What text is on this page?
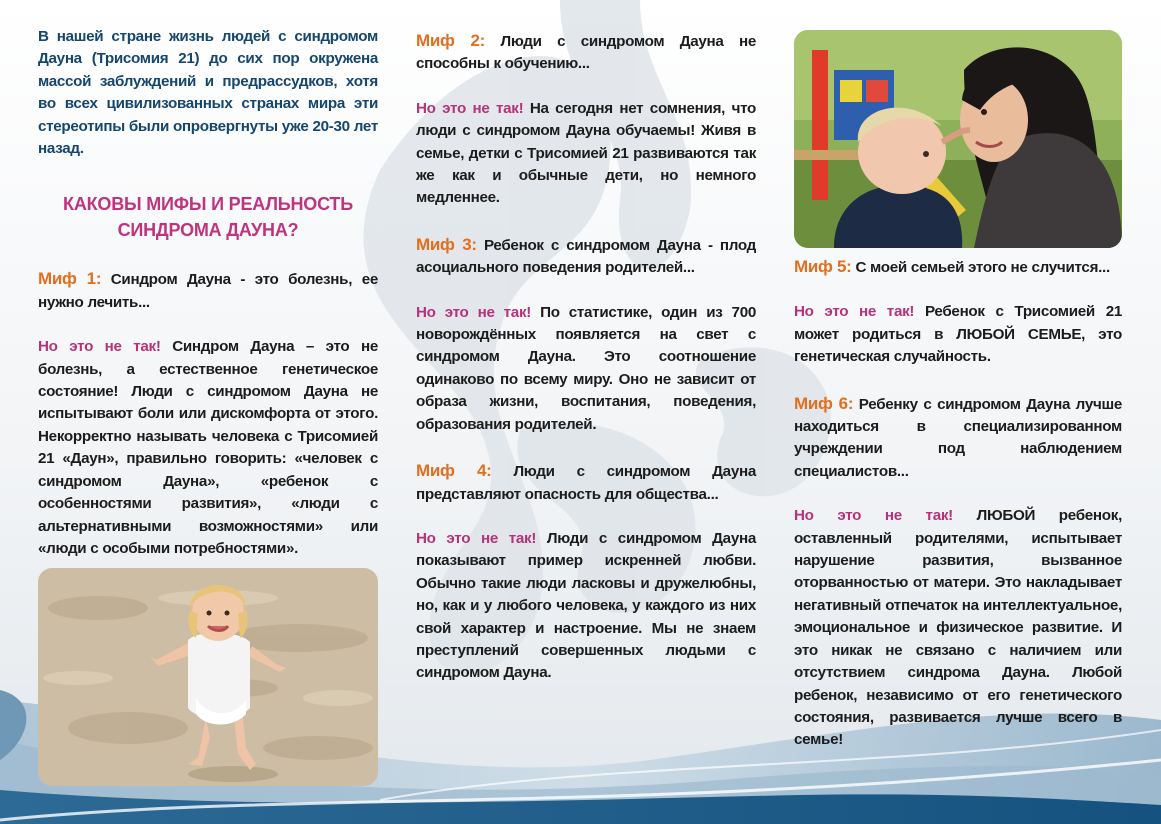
В нашей стране жизнь людей с синдромом Дауна (Трисомия 21) до сих пор окружена массой заблуждений и предрассудков, хотя во всех цивилизованных странах мира эти стереотипы были опровергнуты уже 20-30 лет назад.

КАКОВЫ МИФЫ И РЕАЛЬНОСТЬ

СИНДРОМА ДАУНА?

Миф 1: Синдром Дауна - это болезнь, ее нужно лечить...

Но это не так! Синдром Дауна – это не болезнь, а естественное генетическое состояние! Люди с синдромом Дауна не испытывают боли или дискомфорта от этого. Некорректно называть человека с Трисомией 21 «Даун», правильно говорить: «человек с синдромом Дауна», «ребенок с особенностями развития», «люди с альтернативными возможностями» или «люди с особыми потребностями».

Миф 2: Люди с синдромом Дауна не способны к обучению...

Но это не так! На сегодня нет сомнения, что люди с синдромом Дауна обучаемы! Живя в семье, детки с Трисомией 21 развиваются так же как и обычные дети, но немного медленнее.

Миф 3: Ребенок с синдромом Дауна - плод асоциального поведения родителей...

Но это не так! По статистике, один из 700 новорождённых появляется на свет с синдромом Дауна. Это соотношение одинаково по всему миру. Оно не зависит от образа жизни, воспитания, поведения, образования родителей.

Миф 4: Люди с синдромом Дауна представляют опасность для общества...

Но это не так! Люди с синдромом Дауна показывают пример искренней любви. Обычно такие люди ласковы и дружелюбны, но, как и у любого человека, у каждого из них свой характер и настроение. Мы не знаем преступлений совершенных людьми с синдромом Дауна.

Миф 5: С моей семьей этого не случится...

Но это не так! Ребенок с Трисомией 21 может родиться в ЛЮБОЙ СЕМЬЕ, это генетическая случайность.

Миф 6: Ребенку с синдромом Дауна лучше находиться в специализированном учреждении под наблюдением специалистов...

Но это не так! ЛЮБОЙ ребенок, оставленный родителями, испытывает нарушение развития, вызванное оторванностью от матери. Это накладывает негативный отпечаток на интеллектуальное, эмоциональное и физическое развитие. И это никак не связано с наличием или отсутствием синдрома Дауна. Любой ребенок, независимо от его генетического состояния, развивается лучше всего в семье!
